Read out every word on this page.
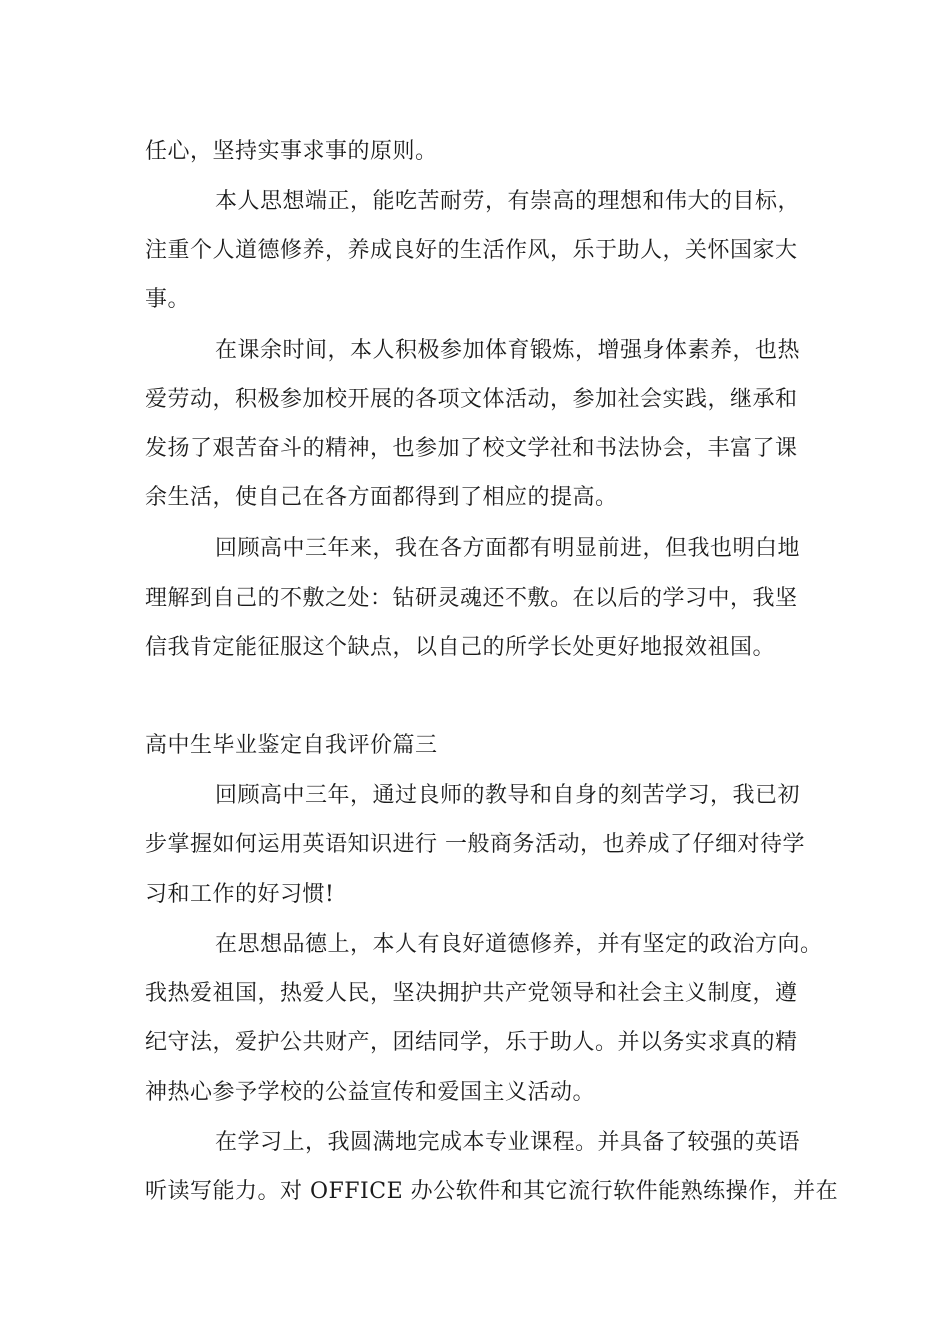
任心，坚持实事求事的原则。
本人思想端正，能吃苦耐劳，有崇高的理想和伟大的目标，
注重个人道德修养，养成良好的生活作风，乐于助人，关怀国家大
事。
在课余时间，本人积极参加体育锻炼，增强身体素养，也热
爱劳动，积极参加校开展的各项文体活动，参加社会实践，继承和
发扬了艰苦奋斗的精神，也参加了校文学社和书法协会，丰富了课
余生活，使自己在各方面都得到了相应的提高。
回顾高中三年来，我在各方面都有明显前进，但我也明白地
理解到自己的不敷之处：钻研灵魂还不敷。在以后的学习中，我坚
信我肯定能征服这个缺点，以自己的所学长处更好地报效祖国。
高中生毕业鉴定自我评价篇三
回顾高中三年，通过良师的教导和自身的刻苦学习，我已初
步掌握如何运用英语知识进行 一般商务活动，也养成了仔细对待学
习和工作的好习惯!
在思想品德上，本人有良好道德修养，并有坚定的政治方向。
我热爱祖国，热爱人民，坚决拥护共产党领导和社会主义制度，遵
纪守法，爱护公共财产，团结同学，乐于助人。并以务实求真的精
神热心参予学校的公益宣传和爱国主义活动。
在学习上，我圆满地完成本专业课程。并具备了较强的英语
听读写能力。对 OFFICE 办公软件和其它流行软件能熟练操作，并在
